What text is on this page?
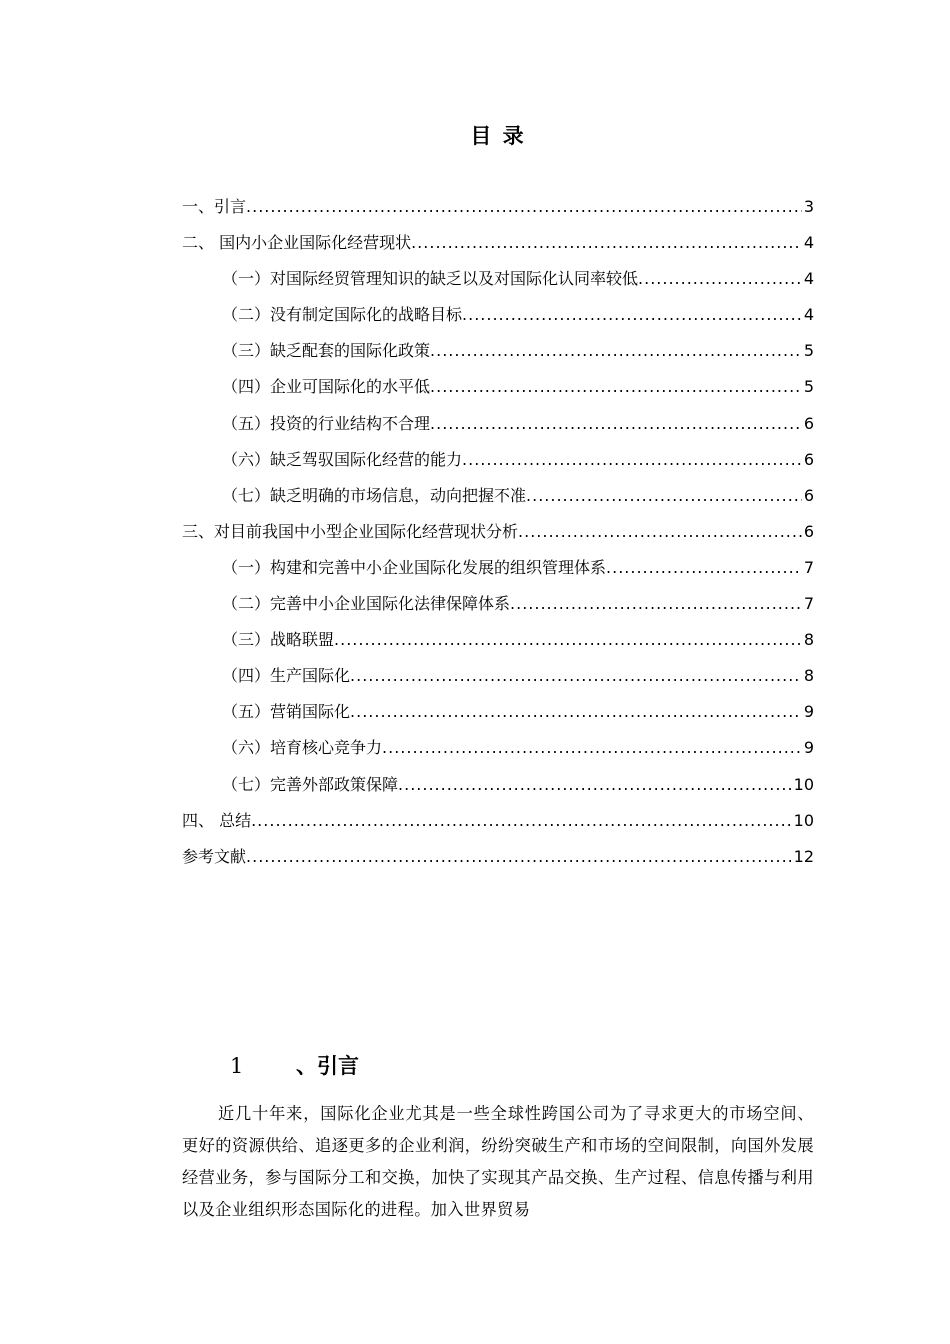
目 录
一、引言 .....	3
二、 国内小企业国际化经营现状 .....	4
（一）对国际经贸管理知识的缺乏以及对国际化认同率较低 .....	4
（二）没有制定国际化的战略目标 .....	4
（三）缺乏配套的国际化政策 .....	5
（四）企业可国际化的水平低 .....	5
（五）投资的行业结构不合理 .....	6
（六）缺乏驾驭国际化经营的能力 .....	6
（七）缺乏明确的市场信息，动向把握不准 .....	6
三、对目前我国中小型企业国际化经营现状分析 .....	6
（一）构建和完善中小企业国际化发展的组织管理体系 .....	7
（二）完善中小企业国际化法律保障体系 .....	7
（三）战略联盟 .....	8
（四）生产国际化 .....	8
（五）营销国际化 .....	9
（六）培育核心竞争力 .....	9
（七）完善外部政策保障 .....	10
四、 总结 .....	10
参考文献 .....	12
1	、引言
近几十年来，国际化企业尤其是一些全球性跨国公司为了寻求更大的市场空间、更好的资源供给、追逐更多的企业利润，纷纷突破生产和市场的空间限制，向国外发展经营业务，参与国际分工和交换，加快了实现其产品交换、生产过程、信息传播与利用以及企业组织形态国际化的进程。加入世界贸易
